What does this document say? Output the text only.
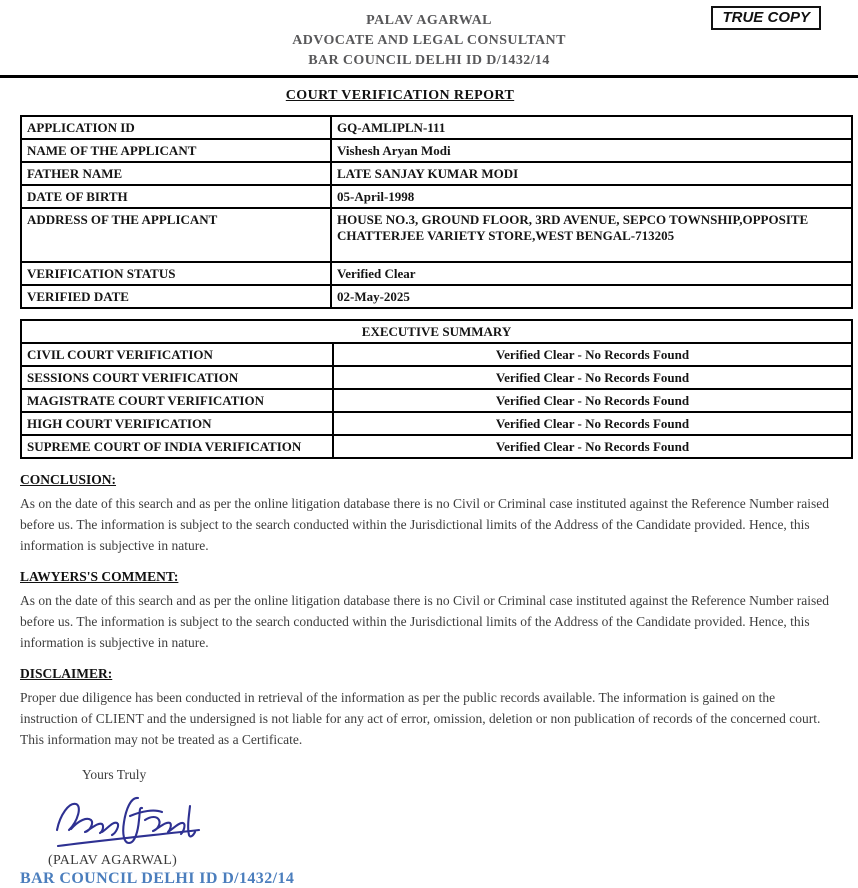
PALAV AGARWAL
ADVOCATE AND LEGAL CONSULTANT
BAR COUNCIL DELHI ID D/1432/14
TRUE COPY
COURT VERIFICATION REPORT
APPLICATION ID	GQ-AMLIPLN-111
NAME OF THE APPLICANT	Vishesh Aryan Modi
FATHER NAME	LATE SANJAY KUMAR MODI
DATE OF BIRTH	05-April-1998
ADDRESS OF THE APPLICANT	HOUSE NO.3, GROUND FLOOR, 3RD AVENUE, SEPCO TOWNSHIP,OPPOSITE CHATTERJEE VARIETY STORE,WEST BENGAL-713205
VERIFICATION STATUS	Verified Clear
VERIFIED DATE	02-May-2025
EXECUTIVE SUMMARY	
CIVIL COURT VERIFICATION	Verified Clear - No Records Found
SESSIONS COURT VERIFICATION	Verified Clear - No Records Found
MAGISTRATE COURT VERIFICATION	Verified Clear - No Records Found
HIGH COURT VERIFICATION	Verified Clear - No Records Found
SUPREME COURT OF INDIA VERIFICATION	Verified Clear - No Records Found
CONCLUSION:

As on the date of this search and as per the online litigation database there is no Civil or Criminal case instituted against the Reference Number raised before us. The information is subject to the search conducted within the Jurisdictional limits of the Address of the Candidate provided. Hence, this information is subjective in nature.

LAWYERS'S COMMENT:

As on the date of this search and as per the online litigation database there is no Civil or Criminal case instituted against the Reference Number raised before us. The information is subject to the search conducted within the Jurisdictional limits of the Address of the Candidate provided. Hence, this information is subjective in nature.

DISCLAIMER:

Proper due diligence has been conducted in retrieval of the information as per the public records available. The information is gained on the instruction of CLIENT and the undersigned is not liable for any act of error, omission, deletion or non publication of records of the concerned court. This information may not be treated as a Certificate.

Yours Truly
(PALAV AGARWAL)
BAR COUNCIL DELHI ID D/1432/14
